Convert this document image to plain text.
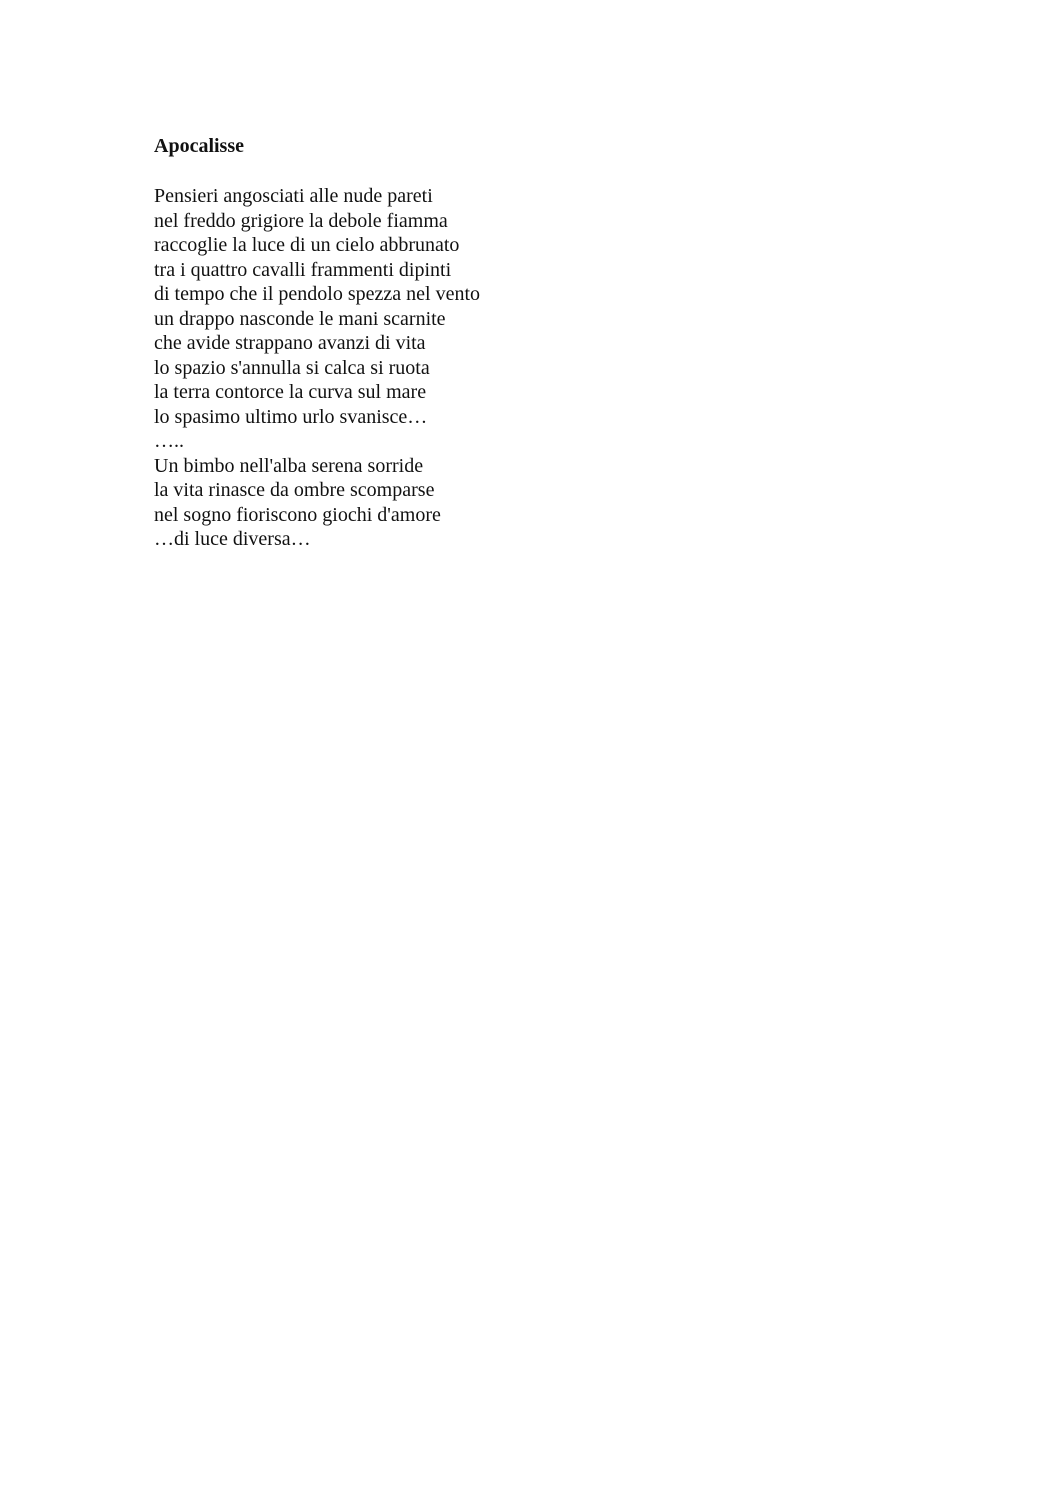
Apocalisse
Pensieri angosciati alle nude pareti
nel freddo grigiore la debole fiamma
raccoglie la luce di un cielo abbrunato
tra i quattro cavalli frammenti dipinti
di tempo che il pendolo spezza nel vento
un drappo nasconde le mani scarnite
che avide strappano avanzi di vita
lo spazio s'annulla si calca si ruota
la terra contorce la curva sul mare
lo spasimo ultimo urlo svanisce…
…..
Un bimbo nell'alba serena sorride
la vita rinasce da ombre scomparse
nel sogno fioriscono giochi d'amore
…di luce diversa…
